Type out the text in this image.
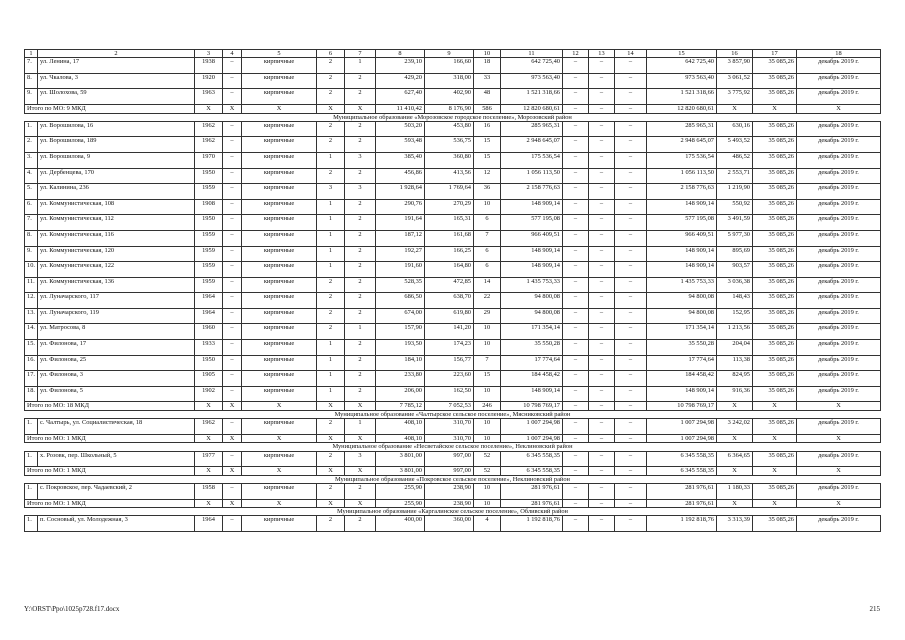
1	2	3	4	5	6	7	8	9	10	11	12	13	14	15	16	17	18
7.	ул. Ленина, 17	1938	–	кирпичные	2	1	239,10	166,60	18	642 725,40	–	–	–	642 725,40	3 857,90	35 085,26	декабрь 2019 г.
8.	ул. Чкалова, 3	1920	–	кирпичные	2	2	429,20	318,00	33	973 563,40	–	–	–	973 563,40	3 061,52	35 085,26	декабрь 2019 г.
9.	ул. Шолохова, 59	1963	–	кирпичные	2	2	627,40	402,90	48	1 521 318,66	–	–	–	1 521 318,66	3 775,92	35 085,26	декабрь 2019 г.
Итого по МО: 9 МКД		X	X	X	X	X	11 410,42	8 176,90	586	12 820 680,61	–	–	–	12 820 680,61	X	X	X
Муниципальное образование «Морозовское городское поселение», Морозовский район																	
1.	ул. Ворошилова, 16	1962	–	кирпичные	2	2	503,20	453,80	16	285 965,31	–	–	–	285 965,31	630,16	35 085,26	декабрь 2019 г.
2.	ул. Ворошилова, 189	1962	–	кирпичные	2	2	593,48	536,75	15	2 948 645,07	–	–	–	2 948 645,07	5 493,52	35 085,26	декабрь 2019 г.
3.	ул. Ворошилова, 9	1970	–	кирпичные	1	3	385,40	360,80	15	175 536,54	–	–	–	175 536,54	486,52	35 085,26	декабрь 2019 г.
4.	ул. Дербенцева, 170	1950	–	кирпичные	2	2	456,86	413,56	12	1 056 113,50	–	–	–	1 056 113,50	2 553,71	35 085,26	декабрь 2019 г.
5.	ул. Калинина, 236	1959	–	кирпичные	3	3	1 928,64	1 769,64	36	2 158 776,63	–	–	–	2 158 776,63	1 219,90	35 085,26	декабрь 2019 г.
6.	ул. Коммунистическая, 108	1908	–	кирпичные	1	2	290,76	270,29	10	148 909,14	–	–	–	148 909,14	550,92	35 085,26	декабрь 2019 г.
7.	ул. Коммунистическая, 112	1950	–	кирпичные	1	2	191,64	165,31	6	577 195,08	–	–	–	577 195,08	3 491,59	35 085,26	декабрь 2019 г.
8.	ул. Коммунистическая, 116	1959	–	кирпичные	1	2	187,12	161,68	7	966 409,51	–	–	–	966 409,51	5 977,30	35 085,26	декабрь 2019 г.
9.	ул. Коммунистическая, 120	1959	–	кирпичные	1	2	192,27	166,25	6	148 909,14	–	–	–	148 909,14	895,69	35 085,26	декабрь 2019 г.
10.	ул. Коммунистическая, 122	1959	–	кирпичные	1	2	191,60	164,80	6	148 909,14	–	–	–	148 909,14	903,57	35 085,26	декабрь 2019 г.
11.	ул. Коммунистическая, 136	1959	–	кирпичные	2	2	528,35	472,85	14	1 435 753,33	–	–	–	1 435 753,33	3 036,38	35 085,26	декабрь 2019 г.
12.	ул. Луначарского, 117	1964	–	кирпичные	2	2	686,50	638,70	22	94 800,08	–	–	–	94 800,08	148,43	35 085,26	декабрь 2019 г.
13.	ул. Луначарского, 119	1964	–	кирпичные	2	2	674,00	619,80	29	94 800,08	–	–	–	94 800,08	152,95	35 085,26	декабрь 2019 г.
14.	ул. Матросова, 8	1960	–	кирпичные	2	1	157,90	141,20	10	171 354,14	–	–	–	171 354,14	1 213,56	35 085,26	декабрь 2019 г.
15.	ул. Филонова, 17	1933	–	кирпичные	1	2	193,50	174,23	10	35 550,28	–	–	–	35 550,28	204,04	35 085,26	декабрь 2019 г.
16.	ул. Филонова, 25	1950	–	кирпичные	1	2	184,10	156,77	7	17 774,64	–	–	–	17 774,64	113,38	35 085,26	декабрь 2019 г.
17.	ул. Филонова, 3	1905	–	кирпичные	1	2	233,80	223,60	15	184 458,42	–	–	–	184 458,42	824,95	35 085,26	декабрь 2019 г.
18.	ул. Филонова, 5	1902	–	кирпичные	1	2	206,00	162,50	10	148 909,14	–	–	–	148 909,14	916,36	35 085,26	декабрь 2019 г.
Итого по МО: 18 МКД		X	X	X	X	X	7 785,12	7 052,53	246	10 798 769,17	–	–	–	10 798 769,17	X	X	X
Муниципальное образование «Чалтырское сельское поселение», Мясниковский район																	
1.	с. Чалтырь, ул. Социалистическая, 18	1962	–	кирпичные	2	1	408,10	310,70	10	1 007 294,98	–	–	–	1 007 294,98	3 242,02	35 085,26	декабрь 2019 г.
Итого по МО: 1 МКД		X	X	X	X	X	408,10	310,70	10	1 007 294,98	–	–	–	1 007 294,98	X	X	X
Муниципальное образование «Несветайское сельское поселение», Неклиновский район																	
1.	х. Розовк, пер. Школьный, 5	1977	–	кирпичные	2	3	3 801,00	997,00	52	6 345 558,35	–	–	–	6 345 558,35	6 364,65	35 085,26	декабрь 2019 г.
Итого по МО: 1 МКД		X	X	X	X	X	3 801,00	997,00	52	6 345 558,35	–	–	–	6 345 558,35	X	X	X
Муниципальное образование «Покровское сельское поселение», Неклиновский район																	
1.	с. Покровское, пер. Чадаевский, 2	1958	–	кирпичные	2	2	255,90	238,90	10	281 976,61	–	–	–	281 976,61	1 180,33	35 085,26	декабрь 2019 г.
Итого по МО: 1 МКД		X	X	X	X	X	255,90	238,90	10	281 976,61	–	–	–	281 976,61	X	X	X
Муниципальное образование «Каргалинское сельское поселение», Обливский район																	
1.	п. Сосновый, ул. Молодежная, 3	1964	–	кирпичные	2	2	400,00	360,00	4	1 192 818,76	–	–	–	1 192 818,76	3 313,39	35 085,26	декабрь 2019 г.
Y:\ORST\Ppo\1025p728.f17.docx	215
